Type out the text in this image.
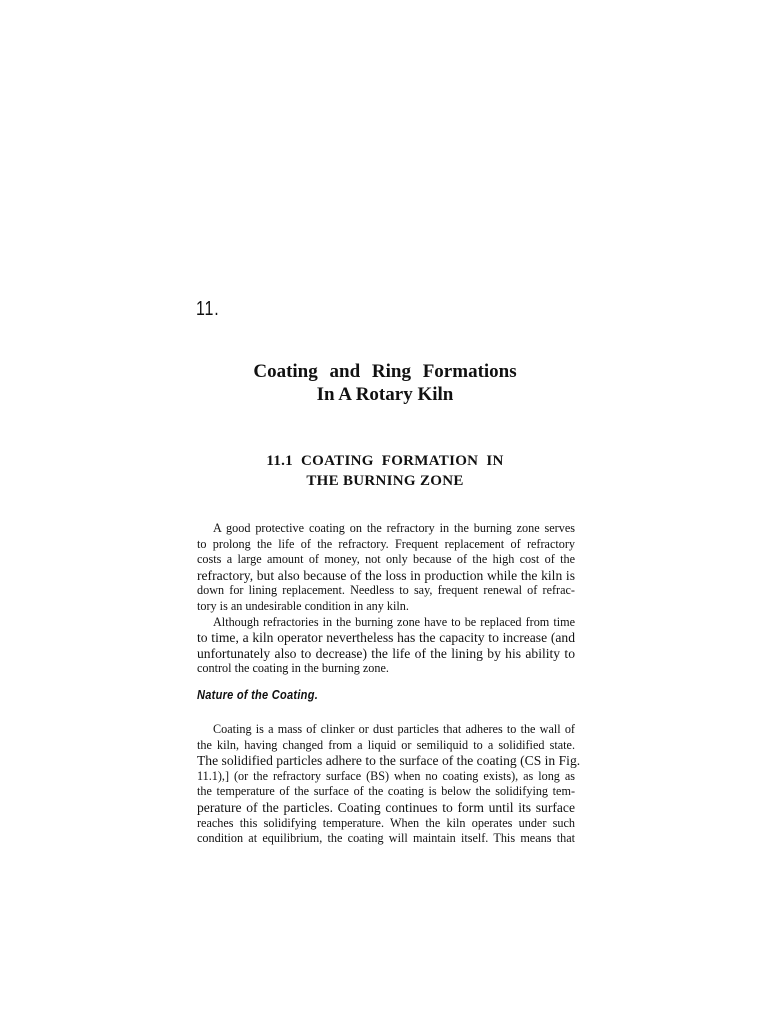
11.
Coating and Ring Formations
In A Rotary Kiln
11.1 COATING FORMATION IN
THE BURNING ZONE
A good protective coating on the refractory in the burning zone serves
to prolong the life of the refractory. Frequent replacement of refractory
costs a large amount of money, not only because of the high cost of the
refractory, but also because of the loss in production while the kiln is
down for lining replacement. Needless to say, frequent renewal of refrac-
tory is an undesirable condition in any kiln.
Although refractories in the burning zone have to be replaced from time
to time, a kiln operator nevertheless has the capacity to increase (and
unfortunately also to decrease) the life of the lining by his ability to
control the coating in the burning zone.
Nature of the Coating.
Coating is a mass of clinker or dust particles that adheres to the wall of
the kiln, having changed from a liquid or semiliquid to a solidified state.
The solidified particles adhere to the surface of the coating (CS in Fig.
11.1),] (or the refractory surface (BS) when no coating exists), as long as
the temperature of the surface of the coating is below the solidifying tem-
perature of the particles. Coating continues to form until its surface
reaches this solidifying temperature. When the kiln operates under such
condition at equilibrium, the coating will maintain itself. This means that
